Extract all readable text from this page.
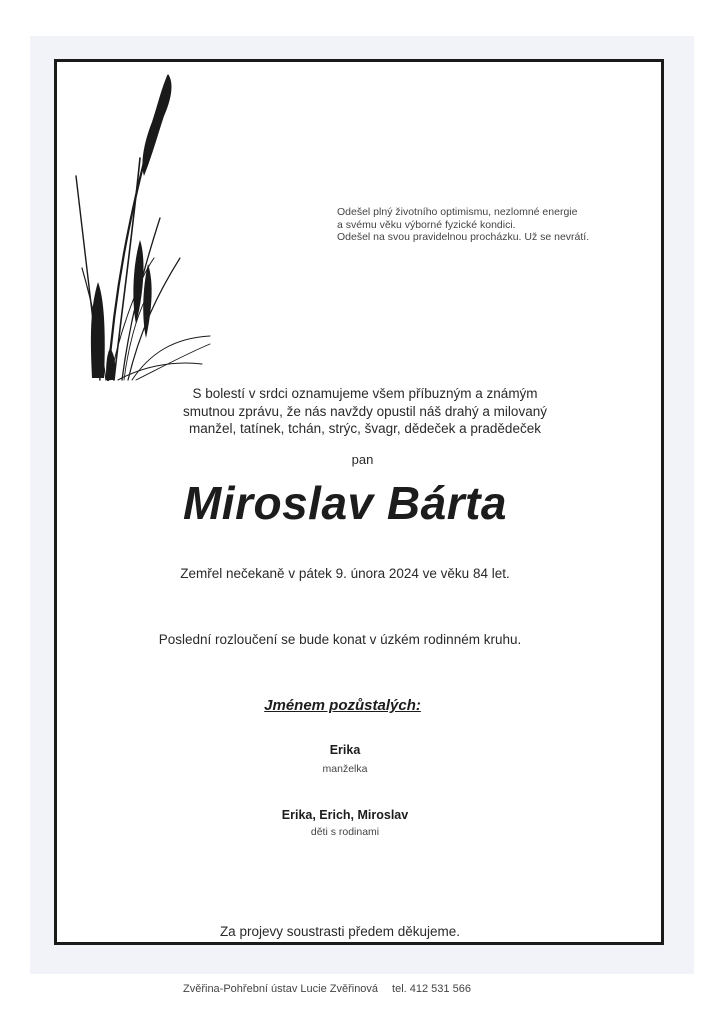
Odešel plný životního optimismu, nezlomné energie
a svému věku výborné fyzické kondici.
Odešel na svou pravidelnou procházku. Už se nevrátí.
S bolestí v srdci oznamujeme všem příbuzným a známým
smutnou zprávu, že nás navždy opustil náš drahý a milovaný
manžel, tatínek, tchán, strýc, švagr, dědeček a pradědeček
pan
Miroslav Bárta
Zemřel nečekaně v pátek 9. února 2024 ve věku 84 let.
Poslední rozloučení se bude konat v úzkém rodinném kruhu.
Jménem pozůstalých:
Erika
manželka
Erika, Erich, Miroslav
děti s rodinami
Za projevy soustrasti předem děkujeme.
Zvěřina-Pohřební ústav Lucie Zvěřinová tel. 412 531 566
